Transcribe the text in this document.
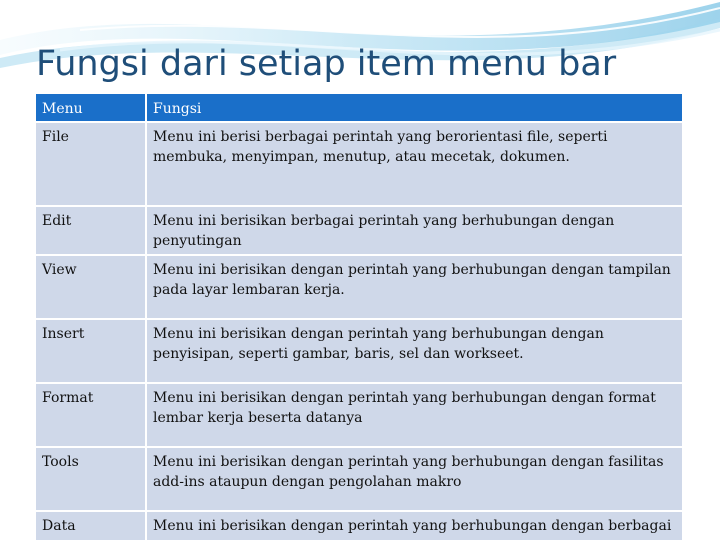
Fungsi dari setiap item menu bar
Menu	Fungsi
File	Menu ini berisi berbagai perintah yang berorientasi file, seperti membuka, menyimpan, menutup, atau mecetak, dokumen.
Edit	Menu ini berisikan berbagai perintah yang berhubungan dengan penyutingan
View	Menu ini berisikan dengan perintah yang berhubungan dengan tampilan pada layar lembaran kerja.
Insert	Menu ini berisikan dengan perintah yang berhubungan dengan penyisipan, seperti gambar, baris, sel dan workseet.
Format	Menu ini berisikan dengan perintah yang berhubungan dengan format lembar kerja beserta datanya
Tools	Menu ini berisikan dengan perintah yang berhubungan dengan fasilitas add-ins ataupun dengan pengolahan makro
Data	Menu ini berisikan dengan perintah yang berhubungan dengan berbagai
